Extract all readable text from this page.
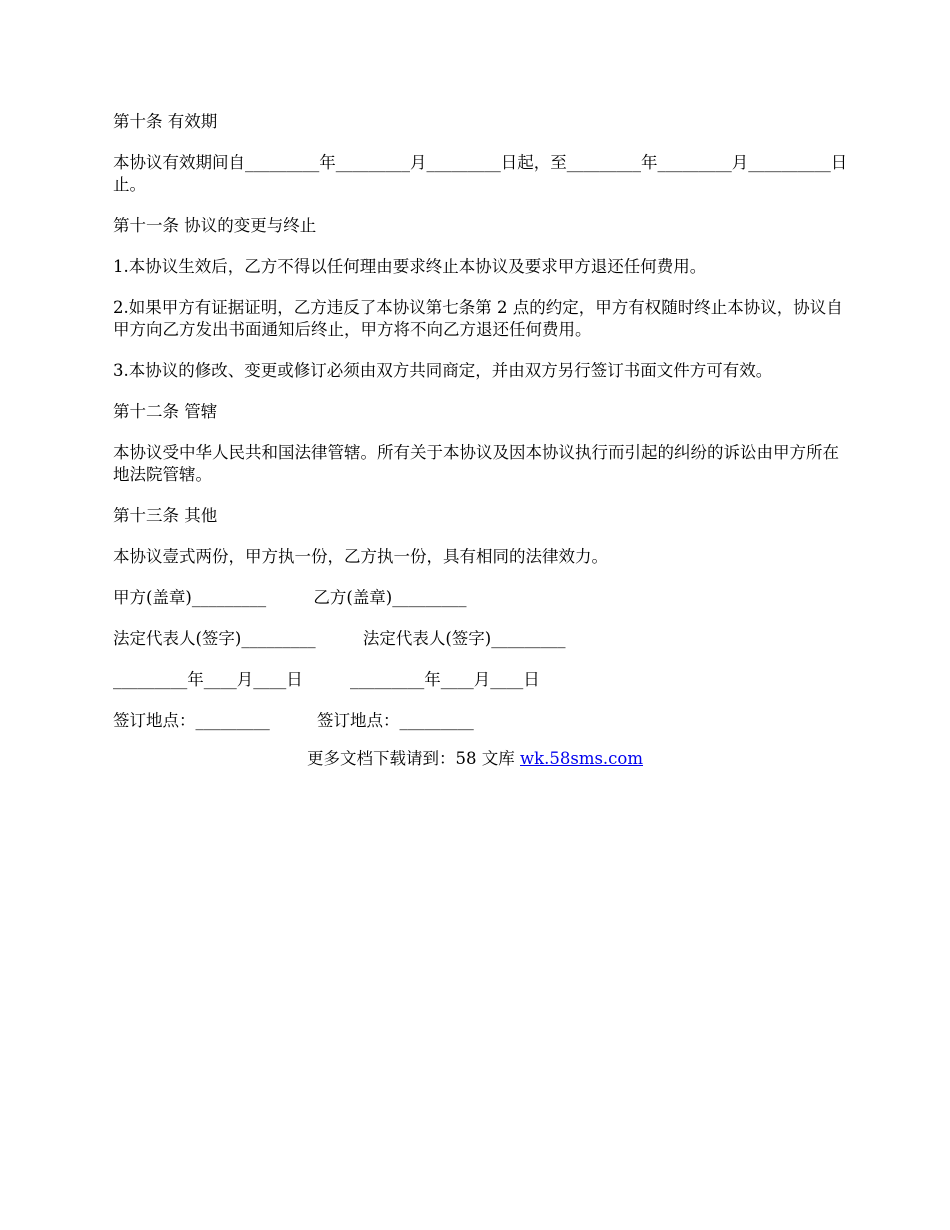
第十条 有效期

本协议有效期间自_________年_________月_________日起，至_________年_________月__________日止。

第十一条 协议的变更与终止

1.本协议生效后，乙方不得以任何理由要求终止本协议及要求甲方退还任何费用。

2.如果甲方有证据证明，乙方违反了本协议第七条第 2 点的约定，甲方有权随时终止本协议，协议自甲方向乙方发出书面通知后终止，甲方将不向乙方退还任何费用。

3.本协议的修改、变更或修订必须由双方共同商定，并由双方另行签订书面文件方可有效。

第十二条 管辖

本协议受中华人民共和国法律管辖。所有关于本协议及因本协议执行而引起的纠纷的诉讼由甲方所在地法院管辖。

第十三条 其他

本协议壹式两份，甲方执一份，乙方执一份，具有相同的法律效力。

甲方(盖章)_________         乙方(盖章)_________

法定代表人(签字)_________         法定代表人(签字)_________

_________年____月____日         _________年____月____日

签订地点：_________         签订地点：_________

更多文档下载请到：58 文库 wk.58sms.com
